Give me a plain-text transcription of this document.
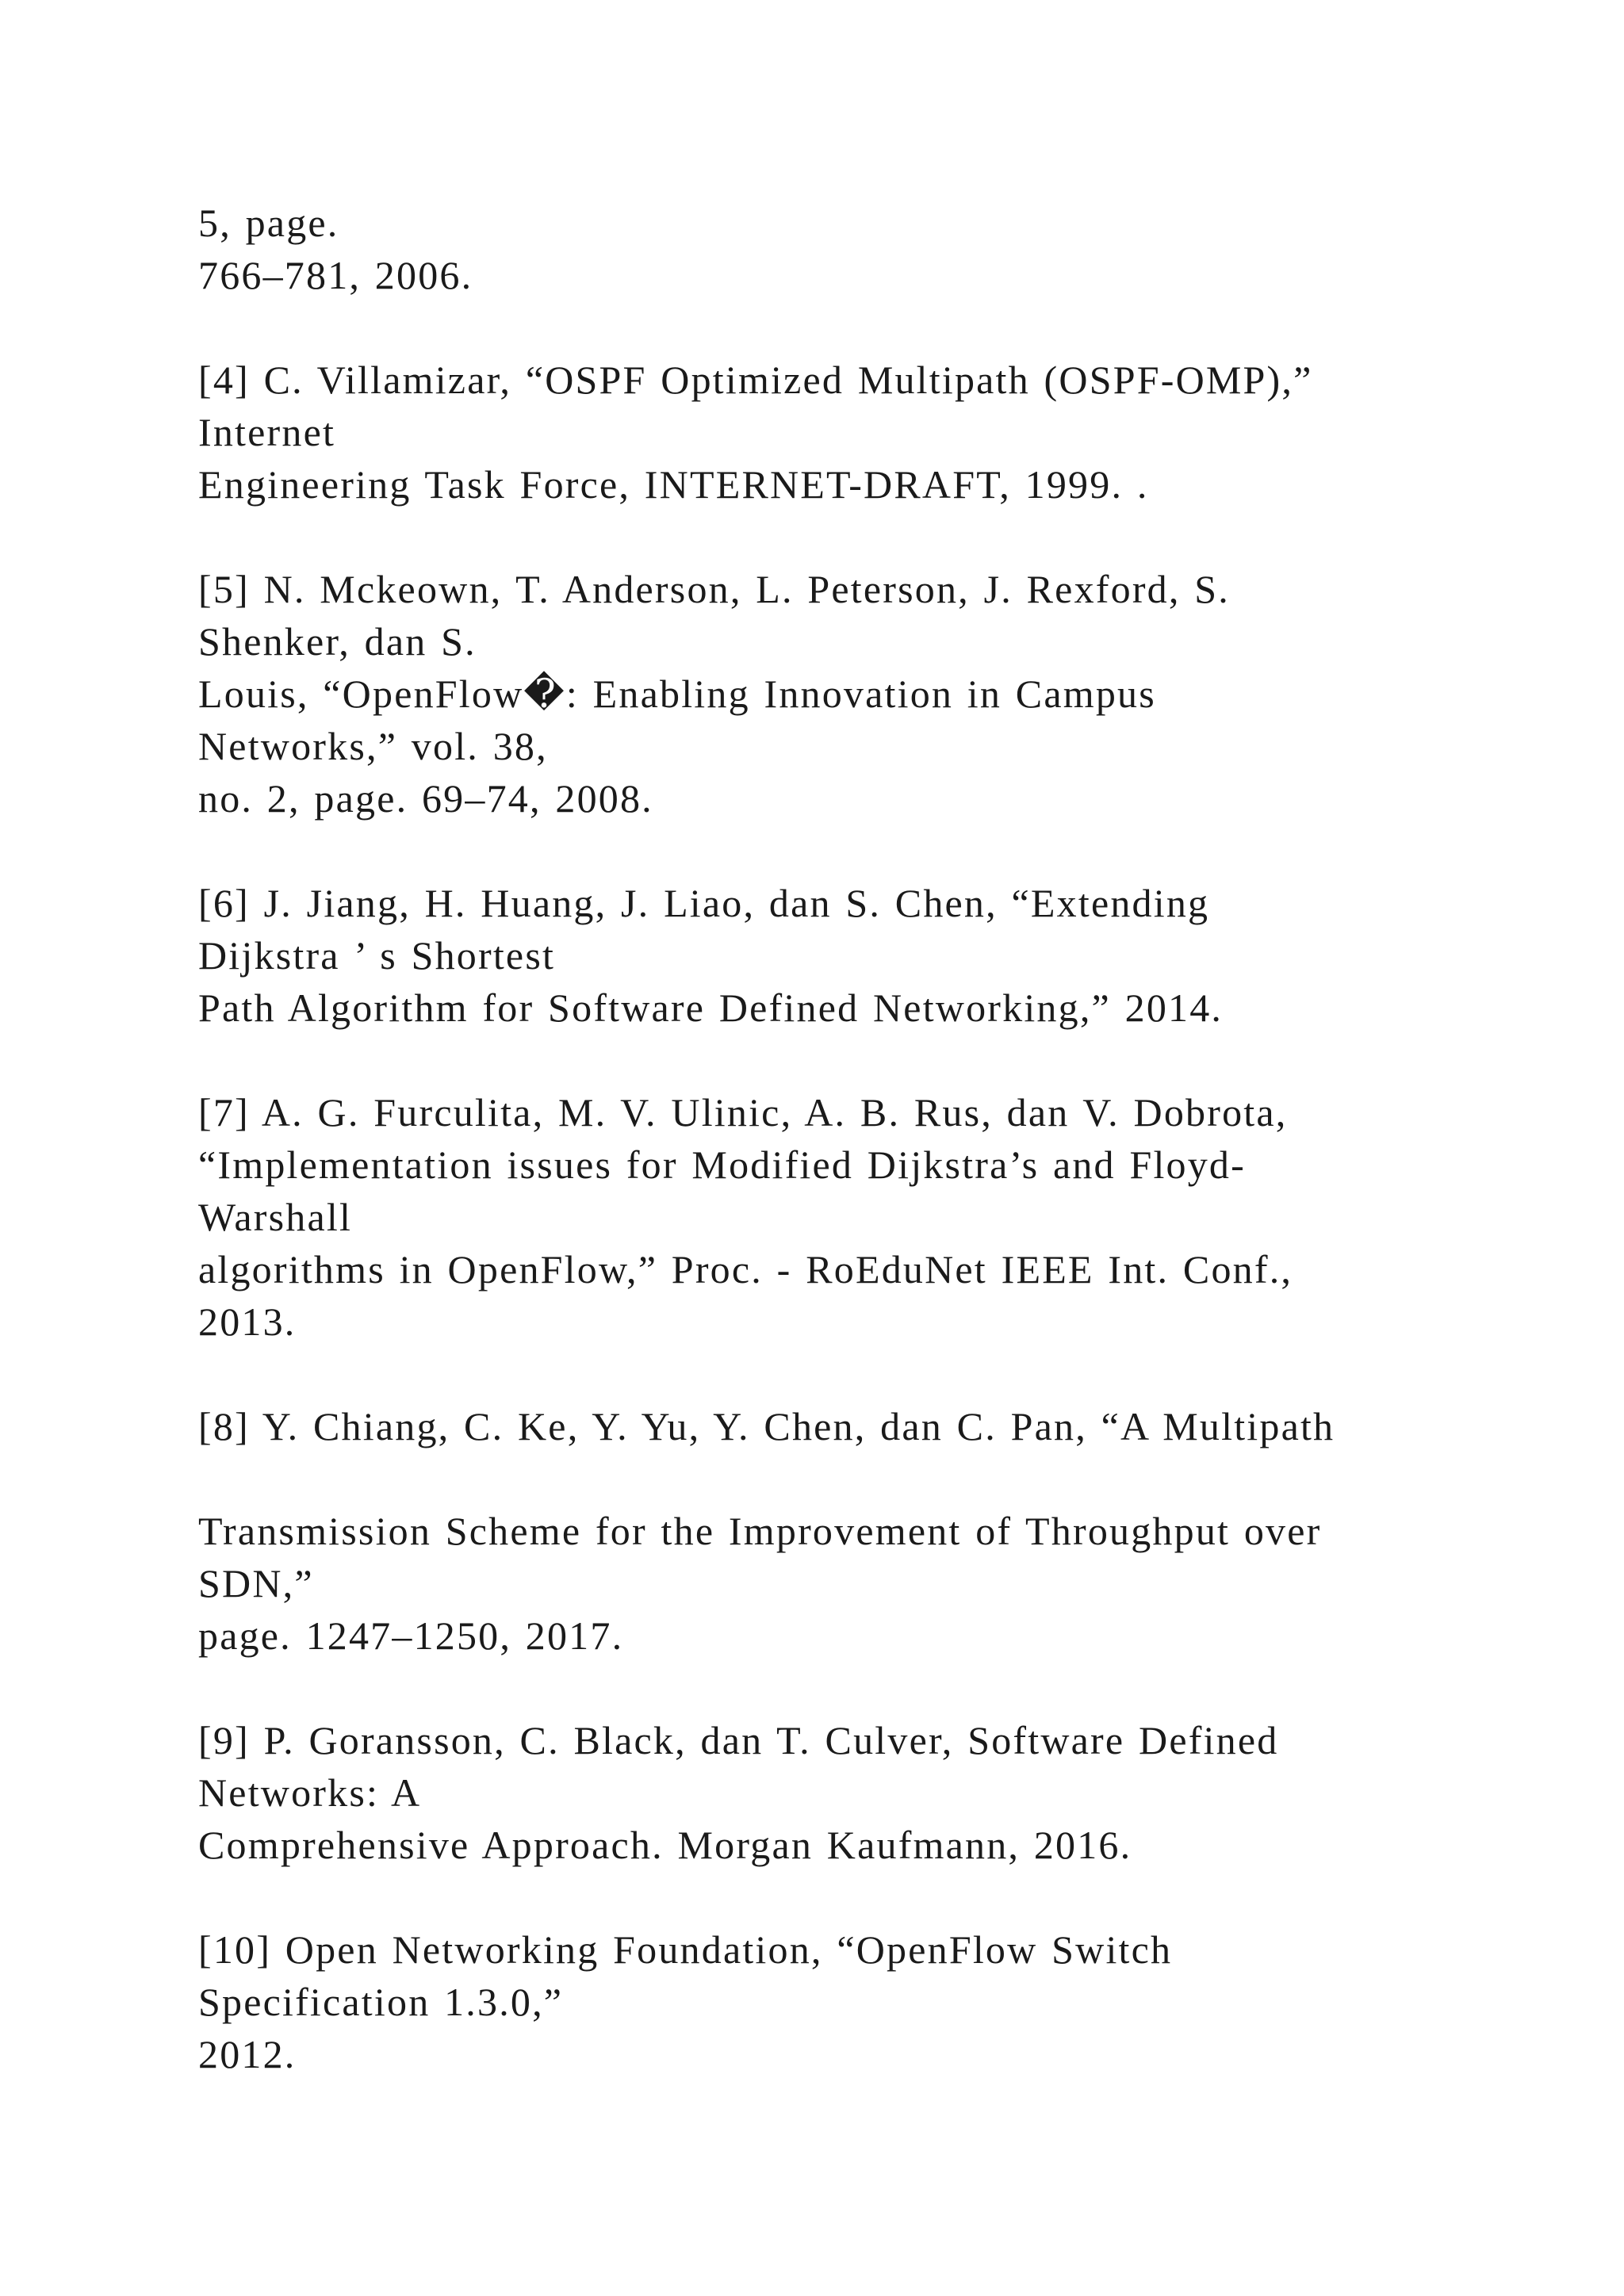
5, page.
766–781, 2006.
[4] C. Villamizar, “OSPF Optimized Multipath (OSPF-OMP),”
Internet
Engineering Task Force, INTERNET-DRAFT, 1999. .
[5] N. Mckeown, T. Anderson, L. Peterson, J. Rexford, S.
Shenker, dan S.
Louis, “OpenFlow�: Enabling Innovation in Campus
Networks,” vol. 38,
no. 2, page. 69–74, 2008.
[6] J. Jiang, H. Huang, J. Liao, dan S. Chen, “Extending
Dijkstra ’ s Shortest
Path Algorithm for Software Defined Networking,” 2014.
[7] A. G. Furculita, M. V. Ulinic, A. B. Rus, dan V. Dobrota,
“Implementation issues for Modified Dijkstra’s and Floyd-
Warshall
algorithms in OpenFlow,” Proc. - RoEduNet IEEE Int. Conf.,
2013.
[8] Y. Chiang, C. Ke, Y. Yu, Y. Chen, dan C. Pan, “A Multipath
Transmission Scheme for the Improvement of Throughput over
SDN,”
page. 1247–1250, 2017.
[9] P. Goransson, C. Black, dan T. Culver, Software Defined
Networks: A
Comprehensive Approach. Morgan Kaufmann, 2016.
[10] Open Networking Foundation, “OpenFlow Switch
Specification 1.3.0,”
2012.
